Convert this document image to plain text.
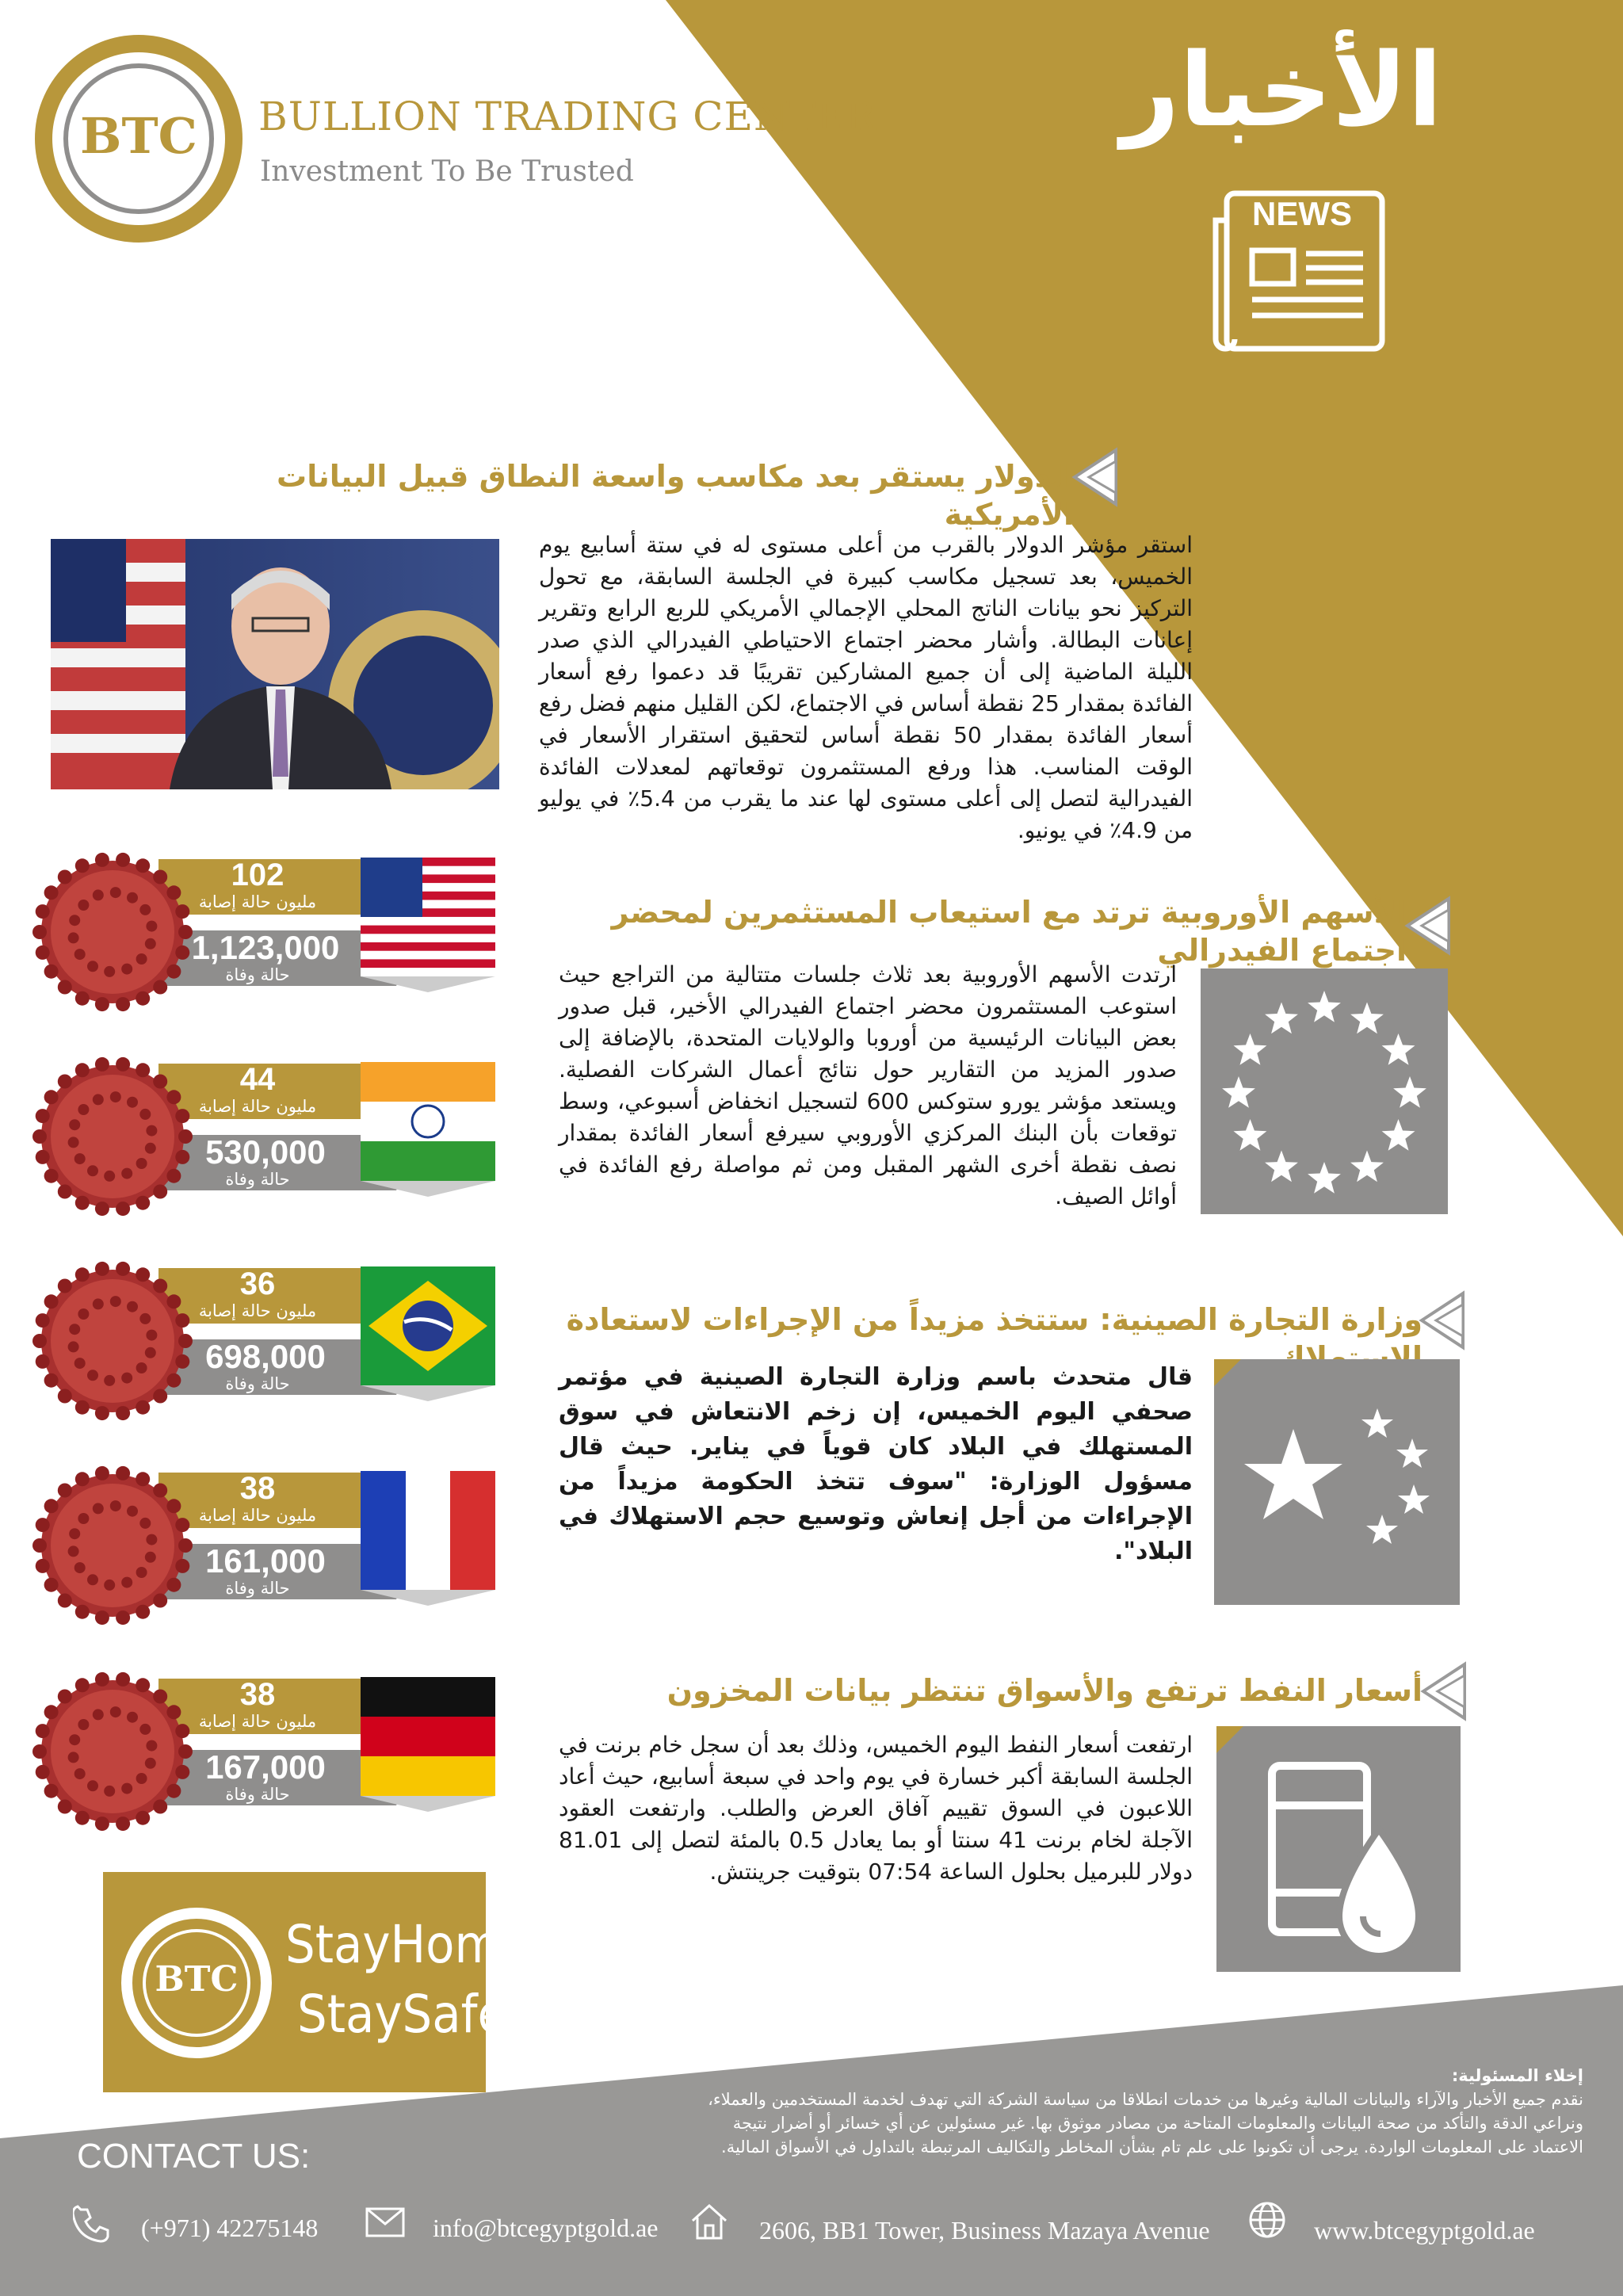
BTC	BULLION TRADING CENTER
Investment To Be Trusted
الأخبار
NEWS
الدولار يستقر بعد مكاسب واسعة النطاق قبيل البيانات الأمريكية
استقر مؤشر الدولار بالقرب من أعلى مستوى له في ستة أسابيع يوم الخميس، بعد تسجيل مكاسب كبيرة في الجلسة السابقة، مع تحول التركيز نحو بيانات الناتج المحلي الإجمالي الأمريكي للربع الرابع وتقرير إعانات البطالة. وأشار محضر اجتماع الاحتياطي الفيدرالي الذي صدر الليلة الماضية إلى أن جميع المشاركين تقريبًا قد دعموا رفع أسعار الفائدة بمقدار 25 نقطة أساس في الاجتماع، لكن القليل منهم فضل رفع أسعار الفائدة بمقدار 50 نقطة أساس لتحقيق استقرار الأسعار في الوقت المناسب. هذا ورفع المستثمرون توقعاتهم لمعدلات الفائدة الفيدرالية لتصل إلى أعلى مستوى لها عند ما يقرب من 5.4٪ في يوليو من 4.9٪ في يونيو.
الأسهم الأوروبية ترتد مع استيعاب المستثمرين لمحضر اجتماع الفيدرالي
ارتدت الأسهم الأوروبية بعد ثلاث جلسات متتالية من التراجع حيث استوعب المستثمرون محضر اجتماع الفيدرالي الأخير، قبل صدور بعض البيانات الرئيسية من أوروبا والولايات المتحدة، بالإضافة إلى صدور المزيد من التقارير حول نتائج أعمال الشركات الفصلية. ويستعد مؤشر يورو ستوكس 600 لتسجيل انخفاض أسبوعي، وسط توقعات بأن البنك المركزي الأوروبي سيرفع أسعار الفائدة بمقدار نصف نقطة أخرى الشهر المقبل ومن ثم مواصلة رفع الفائدة في أوائل الصيف.
وزارة التجارة الصينية: ستتخذ مزيداً من الإجراءات لاستعادة الاستهلاك
قال متحدث باسم وزارة التجارة الصينية في مؤتمر صحفي اليوم الخميس، إن زخم الانتعاش في سوق المستهلك في البلاد كان قوياً في يناير. حيث قال مسؤول الوزارة: "سوف تتخذ الحكومة مزيداً من الإجراءات من أجل إنعاش وتوسيع حجم الاستهلاك في البلاد".
أسعار النفط ترتفع والأسواق تنتظر بيانات المخزون
ارتفعت أسعار النفط اليوم الخميس، وذلك بعد أن سجل خام برنت في الجلسة السابقة أكبر خسارة في يوم واحد في سبعة أسابيع، حيث أعاد اللاعبون في السوق تقييم آفاق العرض والطلب. وارتفعت العقود الآجلة لخام برنت 41 سنتا أو بما يعادل 0.5 بالمئة لتصل إلى 81.01 دولار للبرميل بحلول الساعة 07:54 بتوقيت جرينتش.
102
مليون حالة إصابة
1,123,000
حالة وفاة
44
مليون حالة إصابة
530,000
حالة وفاة
36
مليون حالة إصابة
698,000
حالة وفاة
38
مليون حالة إصابة
161,000
حالة وفاة
38
مليون حالة إصابة
167,000
حالة وفاة
BTC
StayHome
StaySafe
إخلاء المسئولية:
نقدم جميع الأخبار والآراء والبيانات المالية وغيرها من خدمات انطلاقا من سياسة الشركة التي تهدف لخدمة المستخدمين والعملاء،
ونراعي الدقة والتأكد من صحة البيانات والمعلومات المتاحة من مصادر موثوق بها. غير مسئولين عن أي خسائر أو أضرار نتيجة
الاعتماد على المعلومات الواردة. يرجى أن تكونوا على علم تام بشأن المخاطر والتكاليف المرتبطة بالتداول في الأسواق المالية.
CONTACT US:
(+971) 42275148	info@btcegyptgold.ae	2606, BB1 Tower, Business Mazaya Avenue	www.btcegyptgold.ae
